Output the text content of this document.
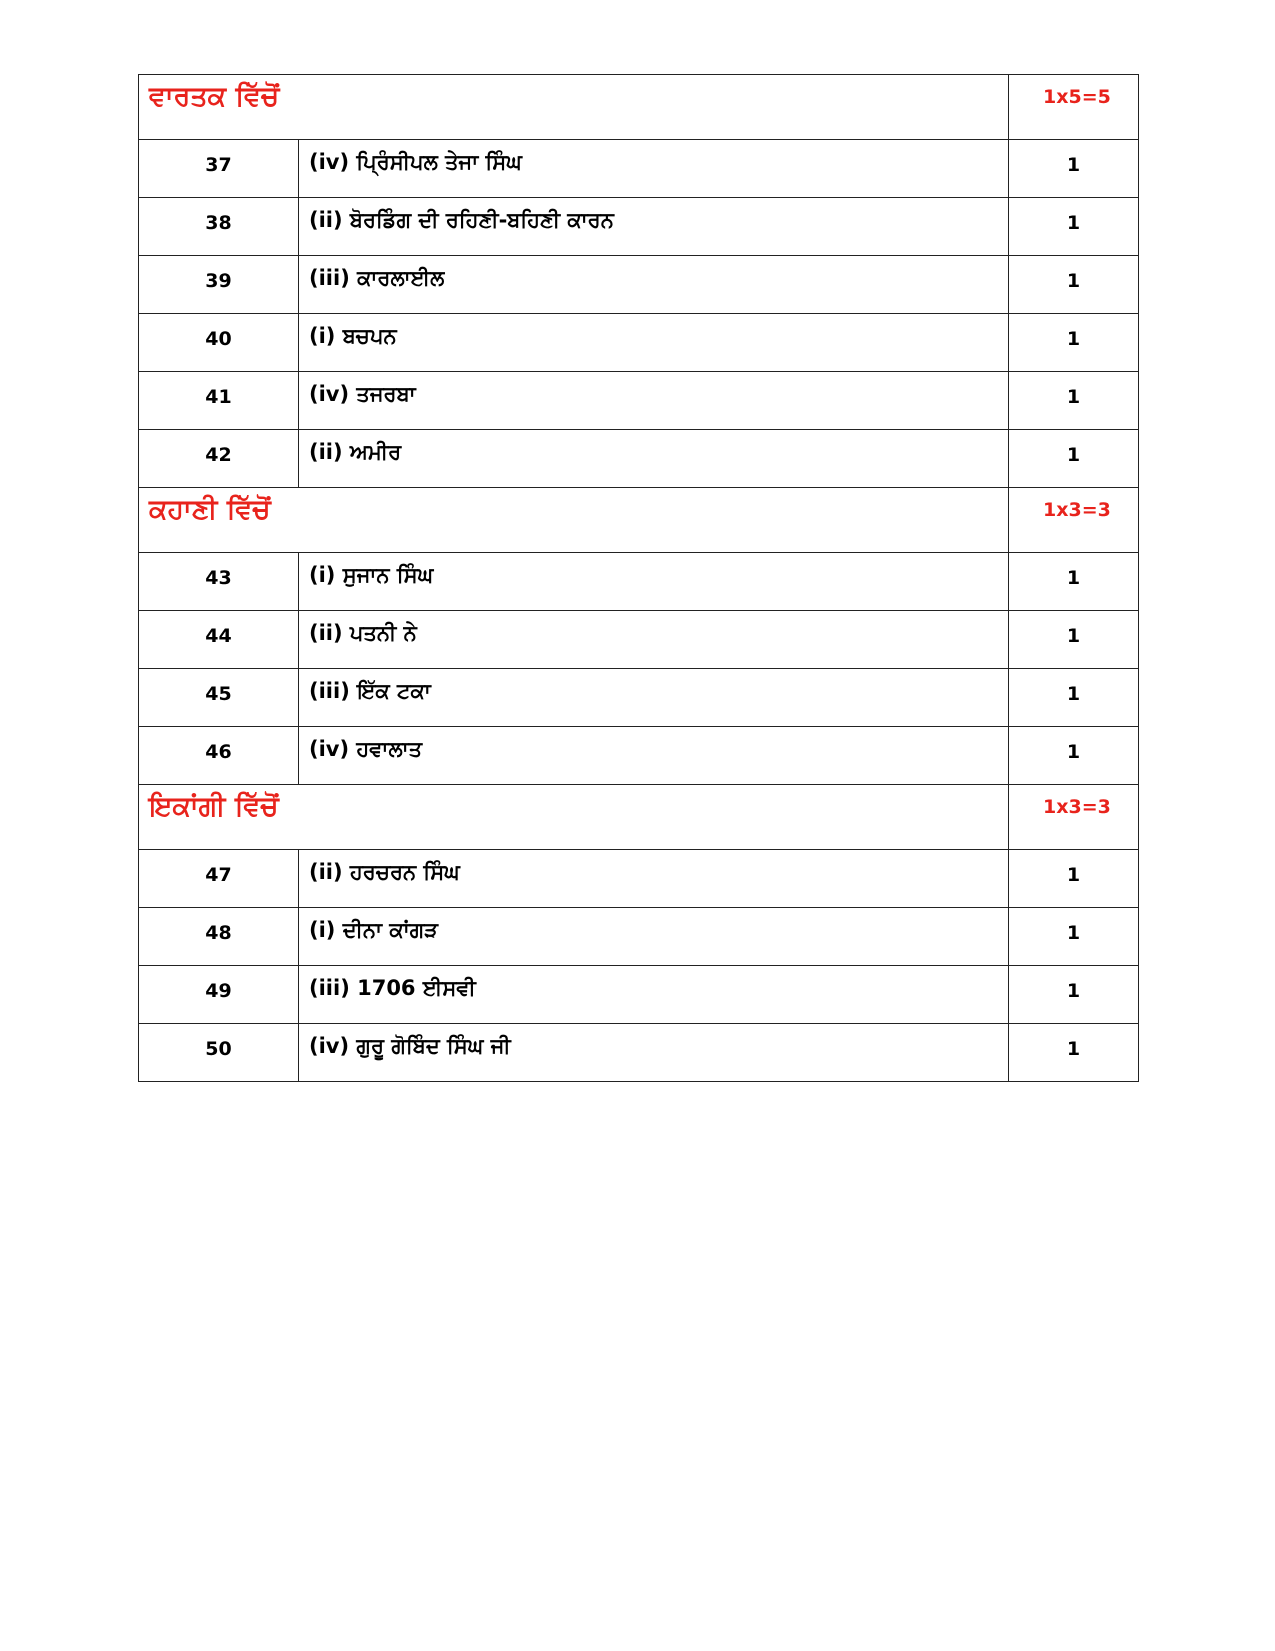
ਵਾਰਤਕ ਵਿੱਚੋਂ		1x5=5

37	(iv) ਪ੍ਰਿੰਸੀਪਲ ਤੇਜਾ ਸਿੰਘ	1

38	(ii) ਬੋਰਡਿੰਗ ਦੀ ਰਹਿਣੀ-ਬਹਿਣੀ ਕਾਰਨ	1

39	(iii) ਕਾਰਲਾਈਲ	1

40	(i) ਬਚਪਨ	1

41	(iv) ਤਜਰਬਾ	1

42	(ii) ਅਮੀਰ	1

ਕਹਾਣੀ ਵਿੱਚੋਂ		1x3=3

43	(i) ਸੁਜਾਨ ਸਿੰਘ	1

44	(ii) ਪਤਨੀ ਨੇ	1

45	(iii) ਇੱਕ ਟਕਾ	1

46	(iv) ਹਵਾਲਾਤ	1

ਇਕਾਂਗੀ ਵਿੱਚੋਂ		1x3=3

47	(ii) ਹਰਚਰਨ ਸਿੰਘ	1

48	(i) ਦੀਨਾ ਕਾਂਗੜ	1

49	(iii) 1706 ਈਸਵੀ	1

50	(iv) ਗੁਰੂ ਗੋਬਿੰਦ ਸਿੰਘ ਜੀ	1
